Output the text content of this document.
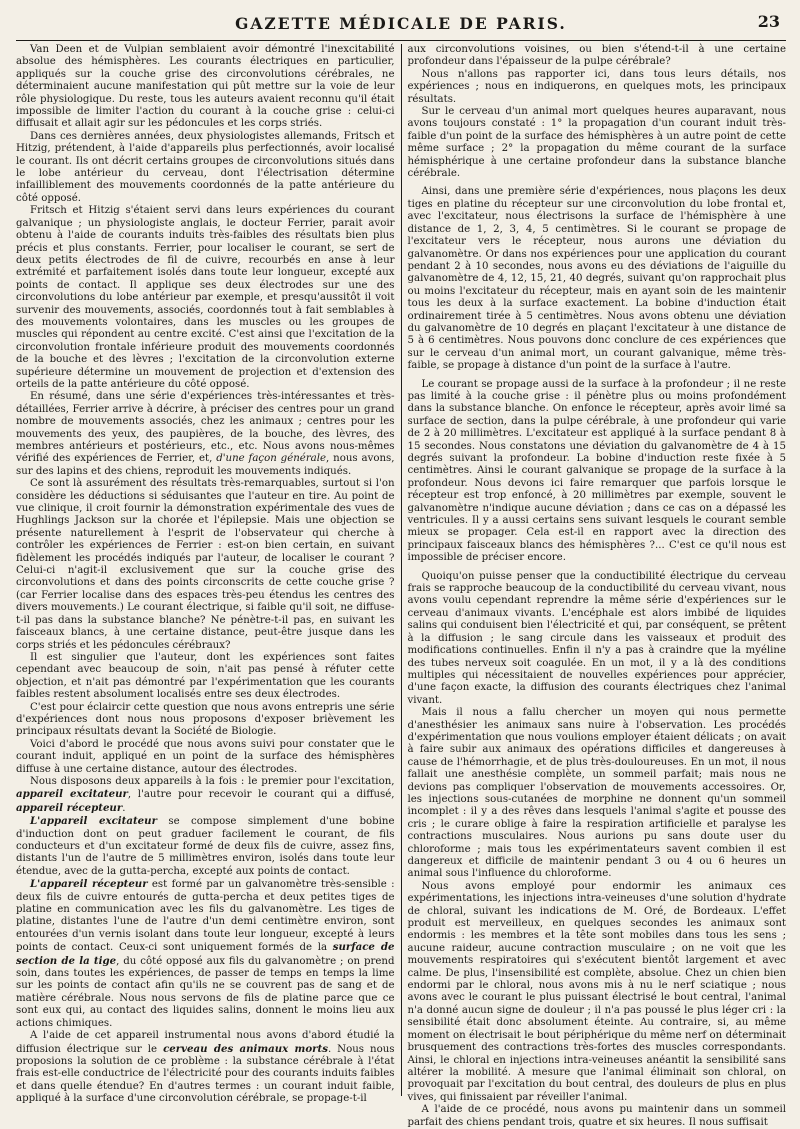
GAZETTE MÉDICALE DE PARIS.	23

Van Deen et de Vulpian semblaient avoir démontré l'inexcitabilité absolue des hémisphères. Les courants électriques en particulier, appliqués sur la couche grise des circonvolutions cérébrales, ne déterminaient aucune manifestation qui pût mettre sur la voie de leur rôle physiologique. Du reste, tous les auteurs avaient reconnu qu'il était impossible de limiter l'action du courant à la couche grise : celui-ci diffusait et allait agir sur les pédoncules et les corps striés.

Dans ces dernières années, deux physiologistes allemands, Fritsch et Hitzig, prétendent, à l'aide d'appareils plus perfectionnés, avoir localisé le courant. Ils ont décrit certains groupes de circonvolutions situés dans le lobe antérieur du cerveau, dont l'électrisation détermine infailliblement des mouvements coordonnés de la patte antérieure du côté opposé.

Fritsch et Hitzig s'étaient servi dans leurs expériences du courant galvanique ; un physiologiste anglais, le docteur Ferrier, parait avoir obtenu à l'aide de courants induits très-faibles des résultats bien plus précis et plus constants. Ferrier, pour localiser le courant, se sert de deux petits électrodes de fil de cuivre, recourbés en anse à leur extrémité et parfaitement isolés dans toute leur longueur, excepté aux points de contact. Il applique ses deux électrodes sur une des circonvolutions du lobe antérieur par exemple, et presqu'aussitôt il voit survenir des mouvements, associés, coordonnés tout à fait semblables à des mouvements volontaires, dans les muscles ou les groupes de muscles qui répondent au centre excité. C'est ainsi que l'excitation de la circonvolution frontale inférieure produit des mouvements coordonnés de la bouche et des lèvres ; l'excitation de la circonvolution externe supérieure détermine un mouvement de projection et d'extension des orteils de la patte antérieure du côté opposé.

En résumé, dans une série d'expériences très-intéressantes et très-détaillées, Ferrier arrive à décrire, à préciser des centres pour un grand nombre de mouvements associés, chez les animaux ; centres pour les mouvements des yeux, des paupières, de la bouche, des lèvres, des membres antérieurs et postérieurs, etc., etc. Nous avons nous-mêmes vérifié des expériences de Ferrier, et, d'une façon générale, nous avons, sur des lapins et des chiens, reproduit les mouvements indiqués.

Ce sont là assurément des résultats très-remarquables, surtout si l'on considère les déductions si séduisantes que l'auteur en tire. Au point de vue clinique, il croit fournir la démonstration expérimentale des vues de Hughlings Jackson sur la chorée et l'épilepsie. Mais une objection se présente naturellement à l'esprit de l'observateur qui cherche à contrôler les expériences de Ferrier : est-on bien certain, en suivant fidèlement les procédés indiqués par l'auteur, de localiser le courant ? Celui-ci n'agit-il exclusivement que sur la couche grise des circonvolutions et dans des points circonscrits de cette couche grise ? (car Ferrier localise dans des espaces très-peu étendus les centres des divers mouvements.) Le courant électrique, si faible qu'il soit, ne diffuse-t-il pas dans la substance blanche? Ne pénètre-t-il pas, en suivant les faisceaux blancs, à une certaine distance, peut-être jusque dans les corps striés et les pédoncules cérébraux?

Il est singulier que l'auteur, dont les expériences sont faites cependant avec beaucoup de soin, n'ait pas pensé à réfuter cette objection, et n'ait pas démontré par l'expérimentation que les courants faibles restent absolument localisés entre ses deux électrodes.

C'est pour éclaircir cette question que nous avons entrepris une série d'expériences dont nous nous proposons d'exposer brièvement les principaux résultats devant la Société de Biologie.

Voici d'abord le procédé que nous avons suivi pour constater que le courant induit, appliqué en un point de la surface des hémisphères diffuse à une certaine distance, autour des électrodes.

Nous disposons deux appareils à la fois : le premier pour l'excitation, appareil excitateur, l'autre pour recevoir le courant qui a diffusé, appareil récepteur.

L'appareil excitateur se compose simplement d'une bobine d'induction dont on peut graduer facilement le courant, de fils conducteurs et d'un excitateur formé de deux fils de cuivre, assez fins, distants l'un de l'autre de 5 millimètres environ, isolés dans toute leur étendue, avec de la gutta-percha, excepté aux points de contact.

L'appareil récepteur est formé par un galvanomètre très-sensible : deux fils de cuivre entourés de gutta-percha et deux petites tiges de platine en communication avec les fils du galvanomètre. Les tiges de platine, distantes l'une de l'autre d'un demi centimètre environ, sont entourées d'un vernis isolant dans toute leur longueur, excepté à leurs points de contact. Ceux-ci sont uniquement formés de la surface de section de la tige, du côté opposé aux fils du galvanomètre ; on prend soin, dans toutes les expériences, de passer de temps en temps la lime sur les points de contact afin qu'ils ne se couvrent pas de sang et de matière cérébrale. Nous nous servons de fils de platine parce que ce sont eux qui, au contact des liquides salins, donnent le moins lieu aux actions chimiques.

A l'aide de cet appareil instrumental nous avons d'abord étudié la diffusion électrique sur le cerveau des animaux morts. Nous nous proposions la solution de ce problème : la substance cérébrale à l'état frais est-elle conductrice de l'électricité pour des courants induits faibles et dans quelle étendue? En d'autres termes : un courant induit faible, appliqué à la surface d'une circonvolution cérébrale, se propage-t-il

aux circonvolutions voisines, ou bien s'étend-t-il à une certaine profondeur dans l'épaisseur de la pulpe cérébrale?

Nous n'allons pas rapporter ici, dans tous leurs détails, nos expériences ; nous en indiquerons, en quelques mots, les principaux résultats.

Sur le cerveau d'un animal mort quelques heures auparavant, nous avons toujours constaté : 1° la propagation d'un courant induit très-faible d'un point de la surface des hémisphères à un autre point de cette même surface ; 2° la propagation du même courant de la surface hémisphérique à une certaine profondeur dans la substance blanche cérébrale.

Ainsi, dans une première série d'expériences, nous plaçons les deux tiges en platine du récepteur sur une circonvolution du lobe frontal et, avec l'excitateur, nous électrisons la surface de l'hémisphère à une distance de 1, 2, 3, 4, 5 centimètres. Si le courant se propage de l'excitateur vers le récepteur, nous aurons une déviation du galvanomètre. Or dans nos expériences pour une application du courant pendant 2 à 10 secondes, nous avons eu des déviations de l'aiguille du galvanomètre de 4, 12, 15, 21, 40 degrés, suivant qu'on rapprochait plus ou moins l'excitateur du récepteur, mais en ayant soin de les maintenir tous les deux à la surface exactement. La bobine d'induction était ordinairement tirée à 5 centimètres. Nous avons obtenu une déviation du galvanomètre de 10 degrés en plaçant l'excitateur à une distance de 5 à 6 centimètres. Nous pouvons donc conclure de ces expériences que sur le cerveau d'un animal mort, un courant galvanique, même très-faible, se propage à distance d'un point de la surface à l'autre.

Le courant se propage aussi de la surface à la profondeur ; il ne reste pas limité à la couche grise : il pénètre plus ou moins profondément dans la substance blanche. On enfonce le récepteur, après avoir limé sa surface de section, dans la pulpe cérébrale, à une profondeur qui varie de 2 à 20 millimètres. L'excitateur est appliqué à la surface pendant 8 à 15 secondes. Nous constatons une déviation du galvanomètre de 4 à 15 degrés suivant la profondeur. La bobine d'induction reste fixée à 5 centimètres. Ainsi le courant galvanique se propage de la surface à la profondeur. Nous devons ici faire remarquer que parfois lorsque le récepteur est trop enfoncé, à 20 millimètres par exemple, souvent le galvanomètre n'indique aucune déviation ; dans ce cas on a dépassé les ventricules. Il y a aussi certains sens suivant lesquels le courant semble mieux se propager. Cela est-il en rapport avec la direction des principaux faisceaux blancs des hémisphères ?... C'est ce qu'il nous est impossible de préciser encore.

Quoiqu'on puisse penser que la conductibilité électrique du cerveau frais se rapproche beaucoup de la conductibilité du cerveau vivant, nous avons voulu cependant reprendre la même série d'expériences sur le cerveau d'animaux vivants. L'encéphale est alors imbibé de liquides salins qui conduisent bien l'électricité et qui, par conséquent, se prêtent à la diffusion ; le sang circule dans les vaisseaux et produit des modifications continuelles. Enfin il n'y a pas à craindre que la myéline des tubes nerveux soit coagulée. En un mot, il y a là des conditions multiples qui nécessitaient de nouvelles expériences pour apprécier, d'une façon exacte, la diffusion des courants électriques chez l'animal vivant.

Mais il nous a fallu chercher un moyen qui nous permette d'anesthésier les animaux sans nuire à l'observation. Les procédés d'expérimentation que nous voulions employer étaient délicats ; on avait à faire subir aux animaux des opérations difficiles et dangereuses à cause de l'hémorrhagie, et de plus très-douloureuses. En un mot, il nous fallait une anesthésie complète, un sommeil parfait; mais nous ne devions pas compliquer l'observation de mouvements accessoires. Or, les injections sous-cutanées de morphine ne donnent qu'un sommeil incomplet : il y a des rêves dans lesquels l'animal s'agite et pousse des cris ; le curare oblige à faire la respiration artificielle et paralyse les contractions musculaires. Nous aurions pu sans doute user du chloroforme ; mais tous les expérimentateurs savent combien il est dangereux et difficile de maintenir pendant 3 ou 4 ou 6 heures un animal sous l'influence du chloroforme.

Nous avons employé pour endormir les animaux ces expérimentations, les injections intra-veineuses d'une solution d'hydrate de chloral, suivant les indications de M. Oré, de Bordeaux. L'effet produit est merveilleux, en quelques secondes les animaux sont endormis : les membres et la tête sont mobiles dans tous les sens ; aucune raideur, aucune contraction musculaire ; on ne voit que les mouvements respiratoires qui s'exécutent bientôt largement et avec calme. De plus, l'insensibilité est complète, absolue. Chez un chien bien endormi par le chloral, nous avons mis à nu le nerf sciatique ; nous avons avec le courant le plus puissant électrisé le bout central, l'animal n'a donné aucun signe de douleur ; il n'a pas poussé le plus léger cri : la sensibilité était donc absolument éteinte. Au contraire, si, au même moment on électrisait le bout périphérique du même nerf on déterminait brusquement des contractions très-fortes des muscles correspondants. Ainsi, le chloral en injections intra-veineuses anéantit la sensibilité sans altérer la mobilité. A mesure que l'animal éliminait son chloral, on provoquait par l'excitation du bout central, des douleurs de plus en plus vives, qui finissaient par réveiller l'animal.

A l'aide de ce procédé, nous avons pu maintenir dans un sommeil parfait des chiens pendant trois, quatre et six heures. Il nous suffisait
